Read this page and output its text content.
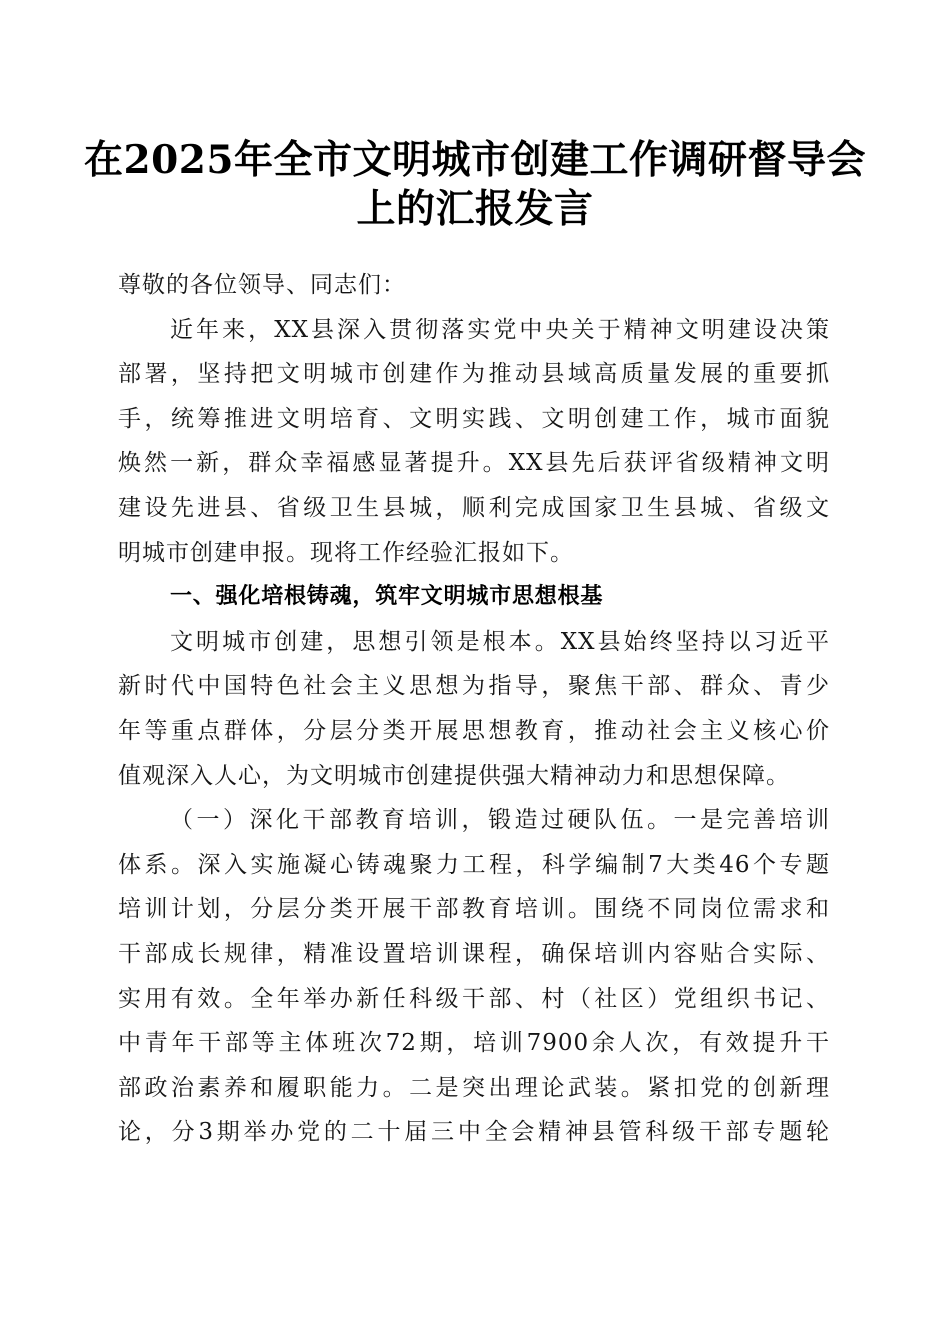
在2025年全市文明城市创建工作调研督导会
上的汇报发言
尊敬的各位领导、同志们：
近年来，XX县深入贯彻落实党中央关于精神文明建设决策
部署，坚持把文明城市创建作为推动县域高质量发展的重要抓
手，统筹推进文明培育、文明实践、文明创建工作，城市面貌
焕然一新，群众幸福感显著提升。XX县先后获评省级精神文明
建设先进县、省级卫生县城，顺利完成国家卫生县城、省级文
明城市创建申报。现将工作经验汇报如下。
一、强化培根铸魂，筑牢文明城市思想根基
文明城市创建，思想引领是根本。XX县始终坚持以习近平
新时代中国特色社会主义思想为指导，聚焦干部、群众、青少
年等重点群体，分层分类开展思想教育，推动社会主义核心价
值观深入人心，为文明城市创建提供强大精神动力和思想保障。
（一）深化干部教育培训，锻造过硬队伍。一是完善培训
体系。深入实施凝心铸魂聚力工程，科学编制7大类46个专题
培训计划，分层分类开展干部教育培训。围绕不同岗位需求和
干部成长规律，精准设置培训课程，确保培训内容贴合实际、
实用有效。全年举办新任科级干部、村（社区）党组织书记、
中青年干部等主体班次72期，培训7900余人次，有效提升干
部政治素养和履职能力。二是突出理论武装。紧扣党的创新理
论，分3期举办党的二十届三中全会精神县管科级干部专题轮
